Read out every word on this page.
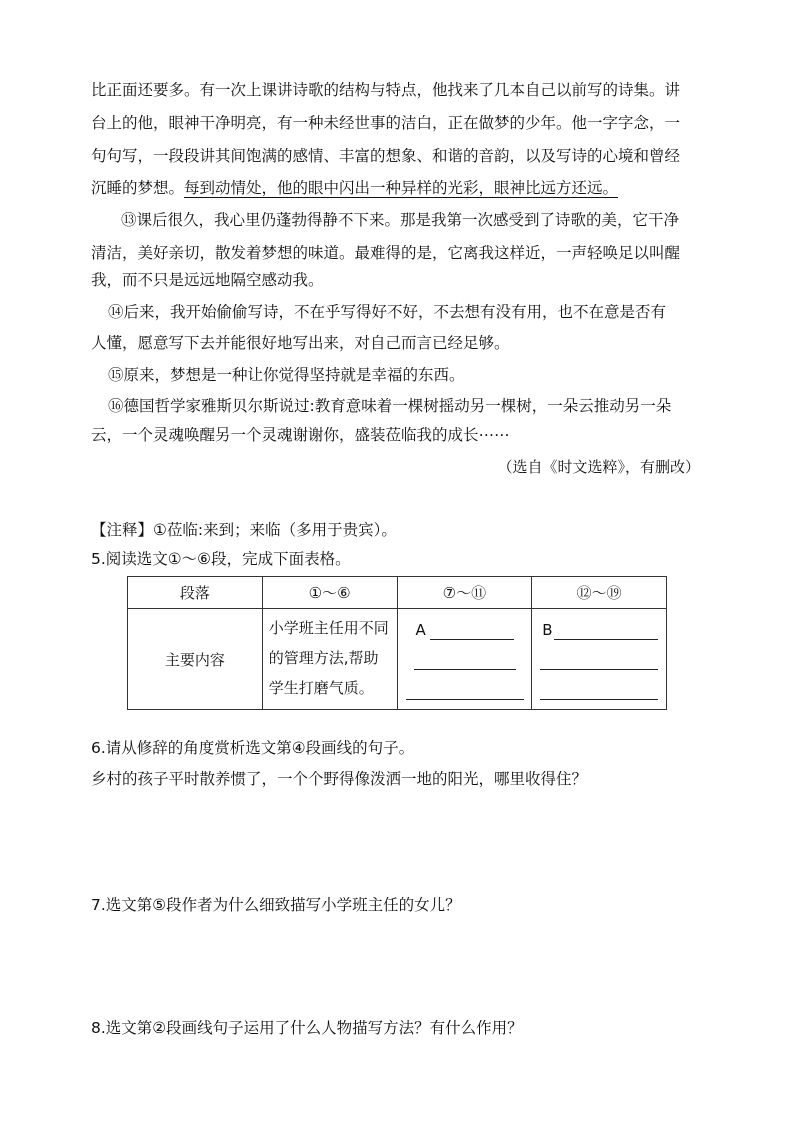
比正面还要多。有一次上课讲诗歌的结构与特点，他找来了几本自己以前写的诗集。讲
台上的他，眼神干净明亮，有一种未经世事的洁白，正在做梦的少年。他一字字念，一
句句写，一段段讲其间饱满的感情、丰富的想象、和谐的音韵，以及写诗的心境和曾经
沉睡的梦想。每到动情处，他的眼中闪出一种异样的光彩，眼神比远方还远。
⑬课后很久，我心里仍蓬勃得静不下来。那是我第一次感受到了诗歌的美，它干净
清洁，美好亲切，散发着梦想的味道。最难得的是，它离我这样近，一声轻唤足以叫醒
我，而不只是远远地隔空感动我。
⑭后来，我开始偷偷写诗，不在乎写得好不好，不去想有没有用，也不在意是否有
人懂，愿意写下去并能很好地写出来，对自己而言已经足够。
⑮原来，梦想是一种让你觉得坚持就是幸福的东西。
⑯德国哲学家雅斯贝尔斯说过:教育意味着一棵树摇动另一棵树，一朵云推动另一朵
云，一个灵魂唤醒另一个灵魂谢谢你，盛装莅临我的成长⋯⋯
（选自《时文选粹》，有删改）
【注释】①莅临:来到；来临（多用于贵宾）。
5.阅读选文①～⑥段，完成下面表格。
段落	①～⑥	⑦～⑪	⑫～⑲
主要内容	小学班主任用不同的管理方法,帮助学生打磨气质。	A	B
6.请从修辞的角度赏析选文第④段画线的句子。
乡村的孩子平时散养惯了，一个个野得像泼洒一地的阳光，哪里收得住？
7.选文第⑤段作者为什么细致描写小学班主任的女儿？
8.选文第②段画线句子运用了什么人物描写方法？有什么作用？
